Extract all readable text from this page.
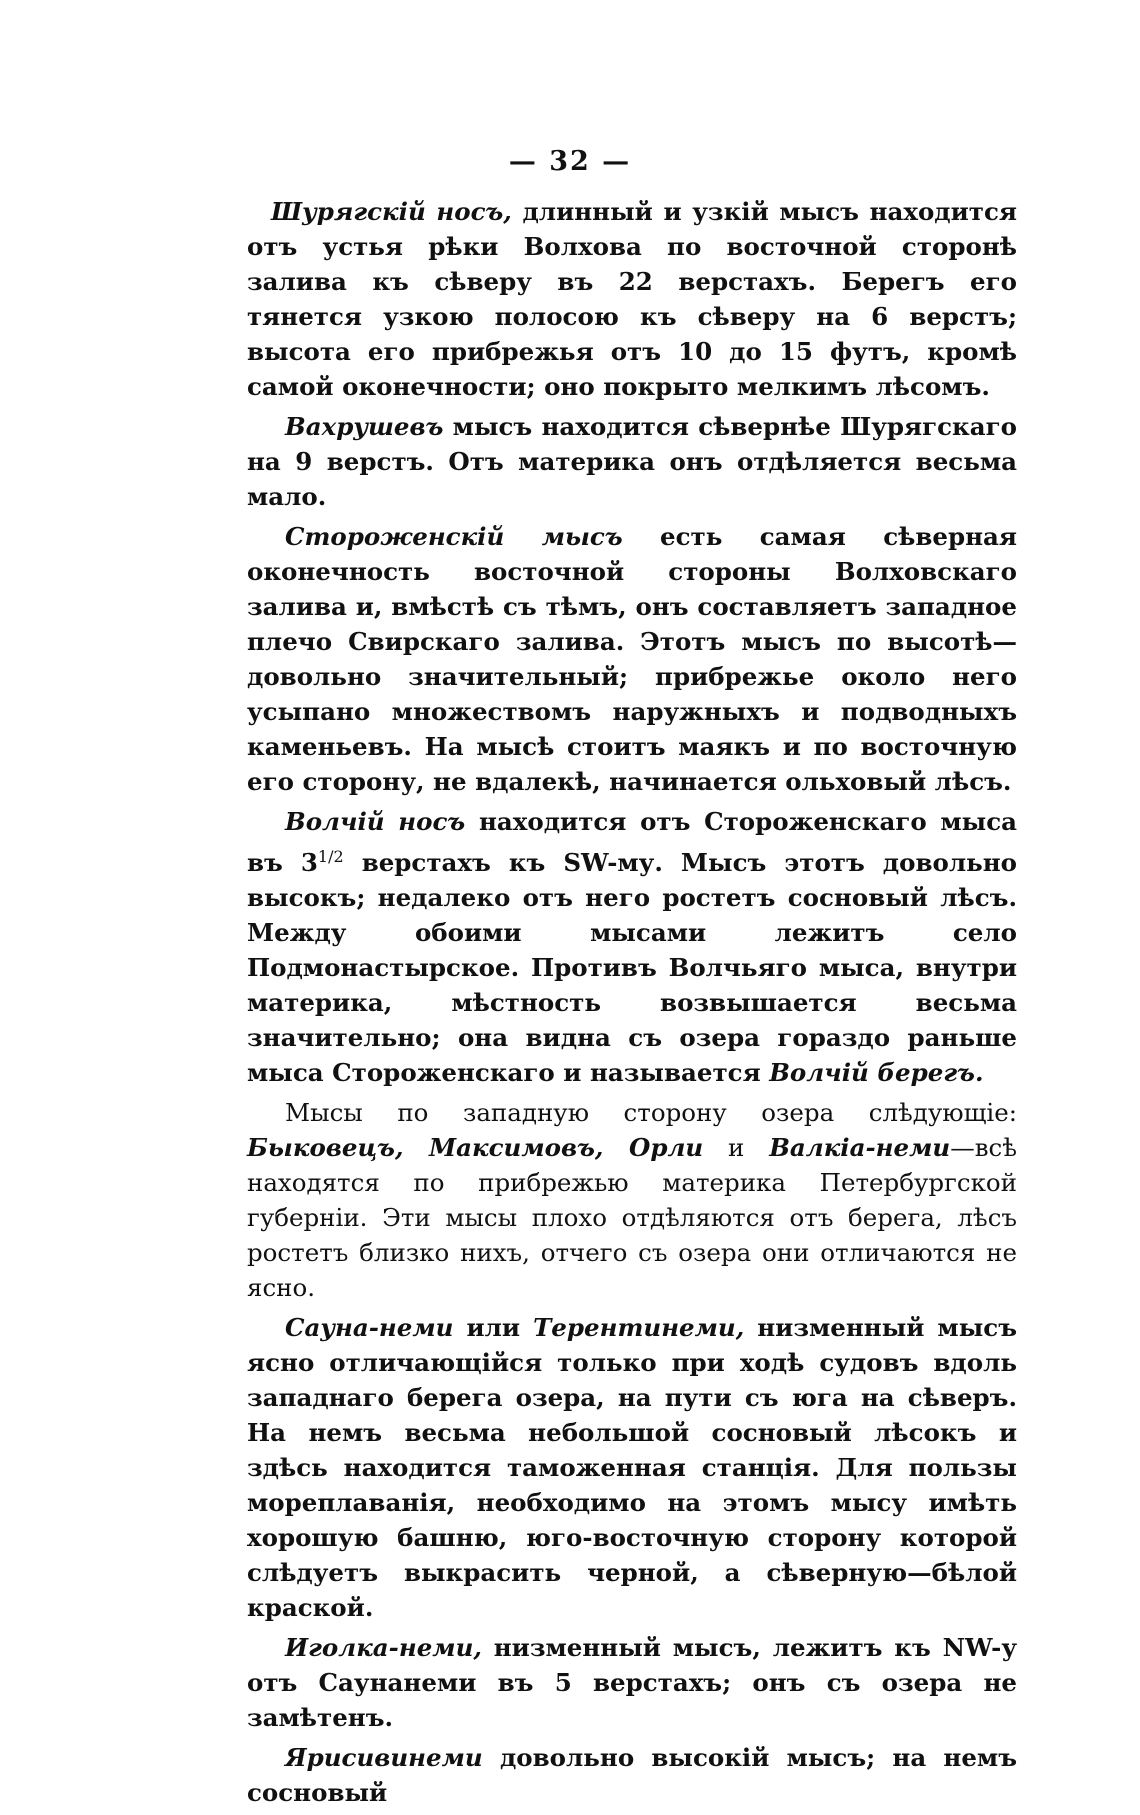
— 32 —

Шурягскій носъ, длинный и узкій мысъ находится отъ устья рѣки Волхова по восточной сторонѣ залива къ сѣверу въ 22 верстахъ. Берегъ его тянется узкою полосою къ сѣверу на 6 верстъ; высота его прибрежья отъ 10 до 15 футъ, кромѣ самой оконечности; оно покрыто мелкимъ лѣсомъ.

Вахрушевъ мысъ находится сѣвернѣе Шурягскаго на 9 верстъ. Отъ материка онъ отдѣляется весьма мало.

Стороженскій мысъ есть самая сѣверная оконечность восточной стороны Волховскаго залива и, вмѣстѣ съ тѣмъ, онъ составляетъ западное плечо Свирскаго залива. Этотъ мысъ по высотѣ—довольно значительный; прибрежье около него усыпано множествомъ наружныхъ и подводныхъ каменьевъ. На мысѣ стоитъ маякъ и по восточную его сторону, не вдалекѣ, начинается ольховый лѣсъ.

Волчій носъ находится отъ Стороженскаго мыса въ $3^{1/2}$ верстахъ къ SW-му. Мысъ этотъ довольно высокъ; недалеко отъ него ростетъ сосновый лѣсъ. Между обоими мысами лежитъ село Подмонастырское. Противъ Волчьяго мыса, внутри материка, мѣстность возвышается весьма значительно; она видна съ озера гораздо раньше мыса Стороженскаго и называется Волчій берегъ.

Мысы по западную сторону озера слѣдующіе: Быковецъ, Максимовъ, Орли и Валкіа-неми—всѣ находятся по прибрежью материка Петербургской губерніи. Эти мысы плохо отдѣляются отъ берега, лѣсъ ростетъ близко нихъ, отчего съ озера они отличаются не ясно.

Сауна-неми или Терентинеми, низменный мысъ ясно отличающійся только при ходѣ судовъ вдоль западнаго берега озера, на пути съ юга на сѣверъ. На немъ весьма небольшой сосновый лѣсокъ и здѣсь находится таможенная станція. Для пользы мореплаванія, необходимо на этомъ мысу имѣть хорошую башню, юго-восточную сторону которой слѣдуетъ выкрасить черной, а сѣверную—бѣлой краской.

Иголка-неми, низменный мысъ, лежитъ къ NW-у отъ Саунанеми въ 5 верстахъ; онъ съ озера не замѣтенъ.

Ярисивинеми довольно высокій мысъ; на немъ сосновый
